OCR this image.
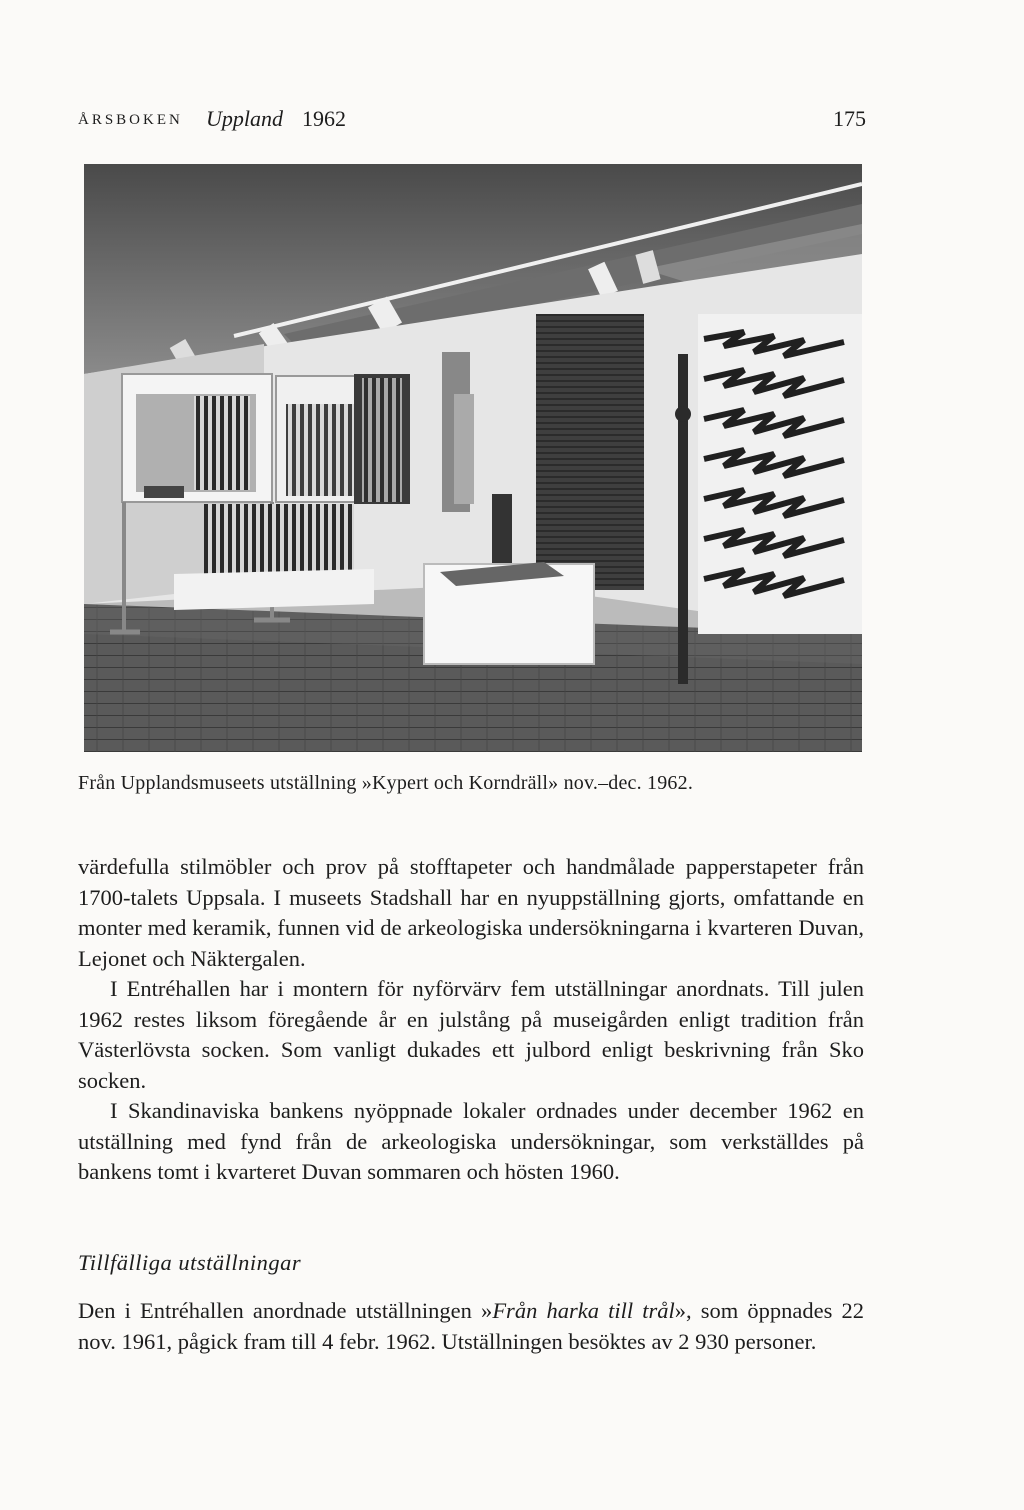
ÅRSBOKEN Uppland 1962	175
Från Upplandsmuseets utställning »Kypert och Korndräll» nov.–dec. 1962.

värdefulla stilmöbler och prov på stofftapeter och handmålade papperstapeter från 1700-talets Uppsala. I museets Stadshall har en nyuppställning gjorts, omfattande en monter med keramik, funnen vid de arkeologiska undersökningarna i kvarteren Duvan, Lejonet och Näktergalen.

I Entréhallen har i montern för nyförvärv fem utställningar anordnats. Till julen 1962 restes liksom föregående år en julstång på museigården enligt tradition från Västerlövsta socken. Som vanligt dukades ett julbord enligt beskrivning från Sko socken.

I Skandinaviska bankens nyöppnade lokaler ordnades under december 1962 en utställning med fynd från de arkeologiska undersökningar, som verkställdes på bankens tomt i kvarteret Duvan sommaren och hösten 1960.

Tillfälliga utställningar

Den i Entréhallen anordnade utställningen »Från harka till trål», som öppnades 22 nov. 1961, pågick fram till 4 febr. 1962. Utställningen besöktes av 2 930 personer.
